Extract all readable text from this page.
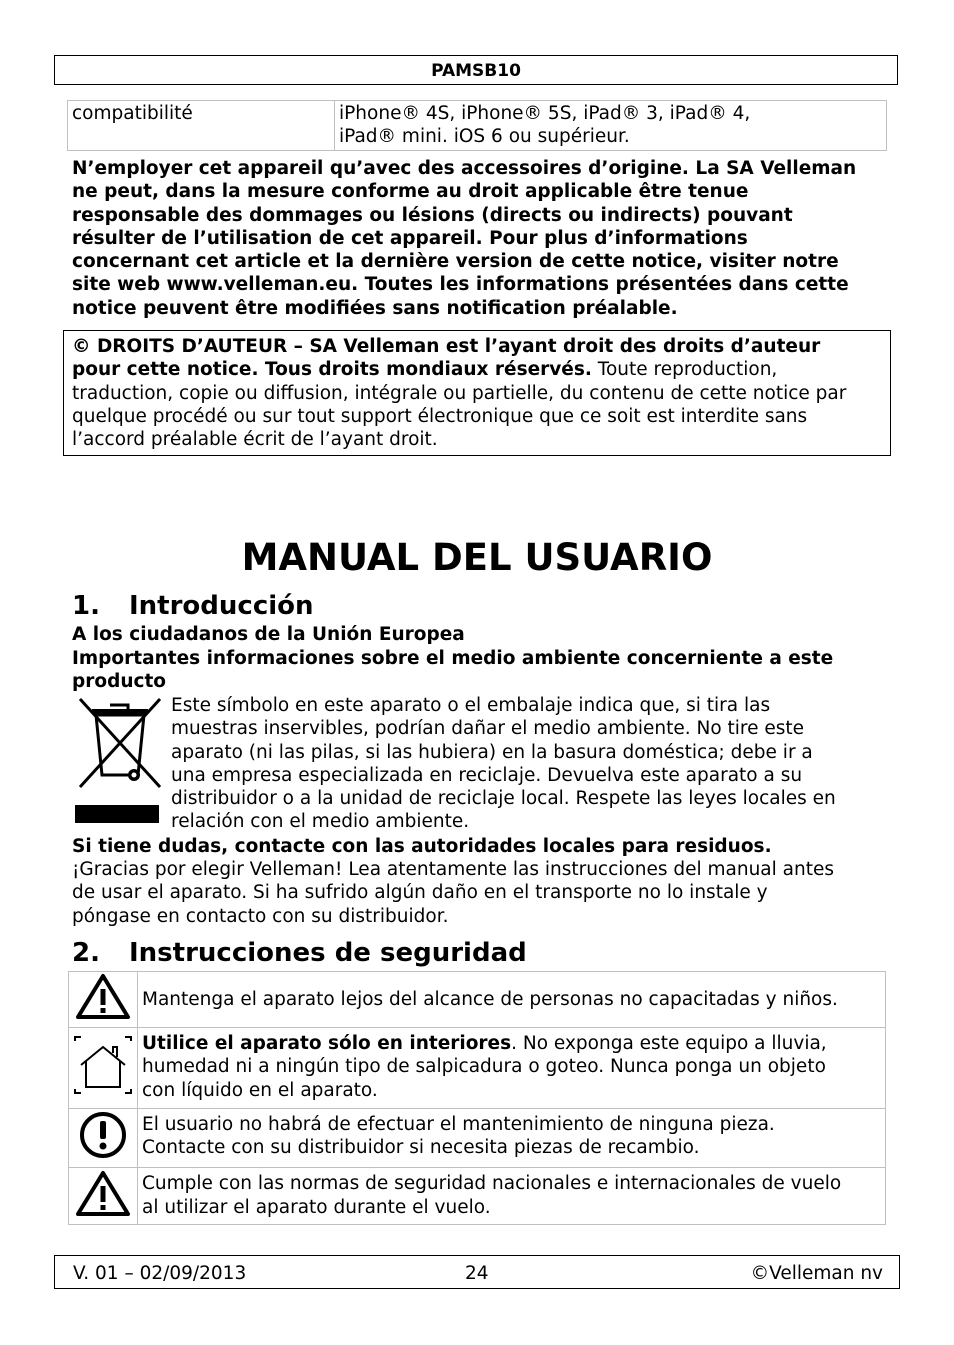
PAMSB10
compatibilité	iPhone® 4S, iPhone® 5S, iPad® 3, iPad® 4,
iPad® mini. iOS 6 ou supérieur.
N’employer cet appareil qu’avec des accessoires d’origine. La SA Velleman
ne peut, dans la mesure conforme au droit applicable être tenue
responsable des dommages ou lésions (directs ou indirects) pouvant
résulter de l’utilisation de cet appareil. Pour plus d’informations
concernant cet article et la dernière version de cette notice, visiter notre
site web www.velleman.eu. Toutes les informations présentées dans cette
notice peuvent être modifiées sans notification préalable.
© DROITS D’AUTEUR – SA Velleman est l’ayant droit des droits d’auteur
pour cette notice. Tous droits mondiaux réservés. Toute reproduction,
traduction, copie ou diffusion, intégrale ou partielle, du contenu de cette notice par
quelque procédé ou sur tout support électronique que ce soit est interdite sans
l’accord préalable écrit de l’ayant droit.
MANUAL DEL USUARIO
1. Introducción
A los ciudadanos de la Unión Europea
Importantes informaciones sobre el medio ambiente concerniente a este
producto
Este símbolo en este aparato o el embalaje indica que, si tira las
muestras inservibles, podrían dañar el medio ambiente. No tire este
aparato (ni las pilas, si las hubiera) en la basura doméstica; debe ir a
una empresa especializada en reciclaje. Devuelva este aparato a su
distribuidor o a la unidad de reciclaje local. Respete las leyes locales en
relación con el medio ambiente.
Si tiene dudas, contacte con las autoridades locales para residuos.
¡Gracias por elegir Velleman! Lea atentamente las instrucciones del manual antes
de usar el aparato. Si ha sufrido algún daño en el transporte no lo instale y
póngase en contacto con su distribuidor.
2. Instrucciones de seguridad

Mantenga el aparato lejos del alcance de personas no capacitadas y niños.

Utilice el aparato sólo en interiores. No exponga este equipo a lluvia,
humedad ni a ningún tipo de salpicadura o goteo. Nunca ponga un objeto
con líquido en el aparato.

El usuario no habrá de efectuar el mantenimiento de ninguna pieza.
Contacte con su distribuidor si necesita piezas de recambio.

Cumple con las normas de seguridad nacionales e internacionales de vuelo
al utilizar el aparato durante el vuelo.
V. 01 – 02/09/2013	24	©Velleman nv
